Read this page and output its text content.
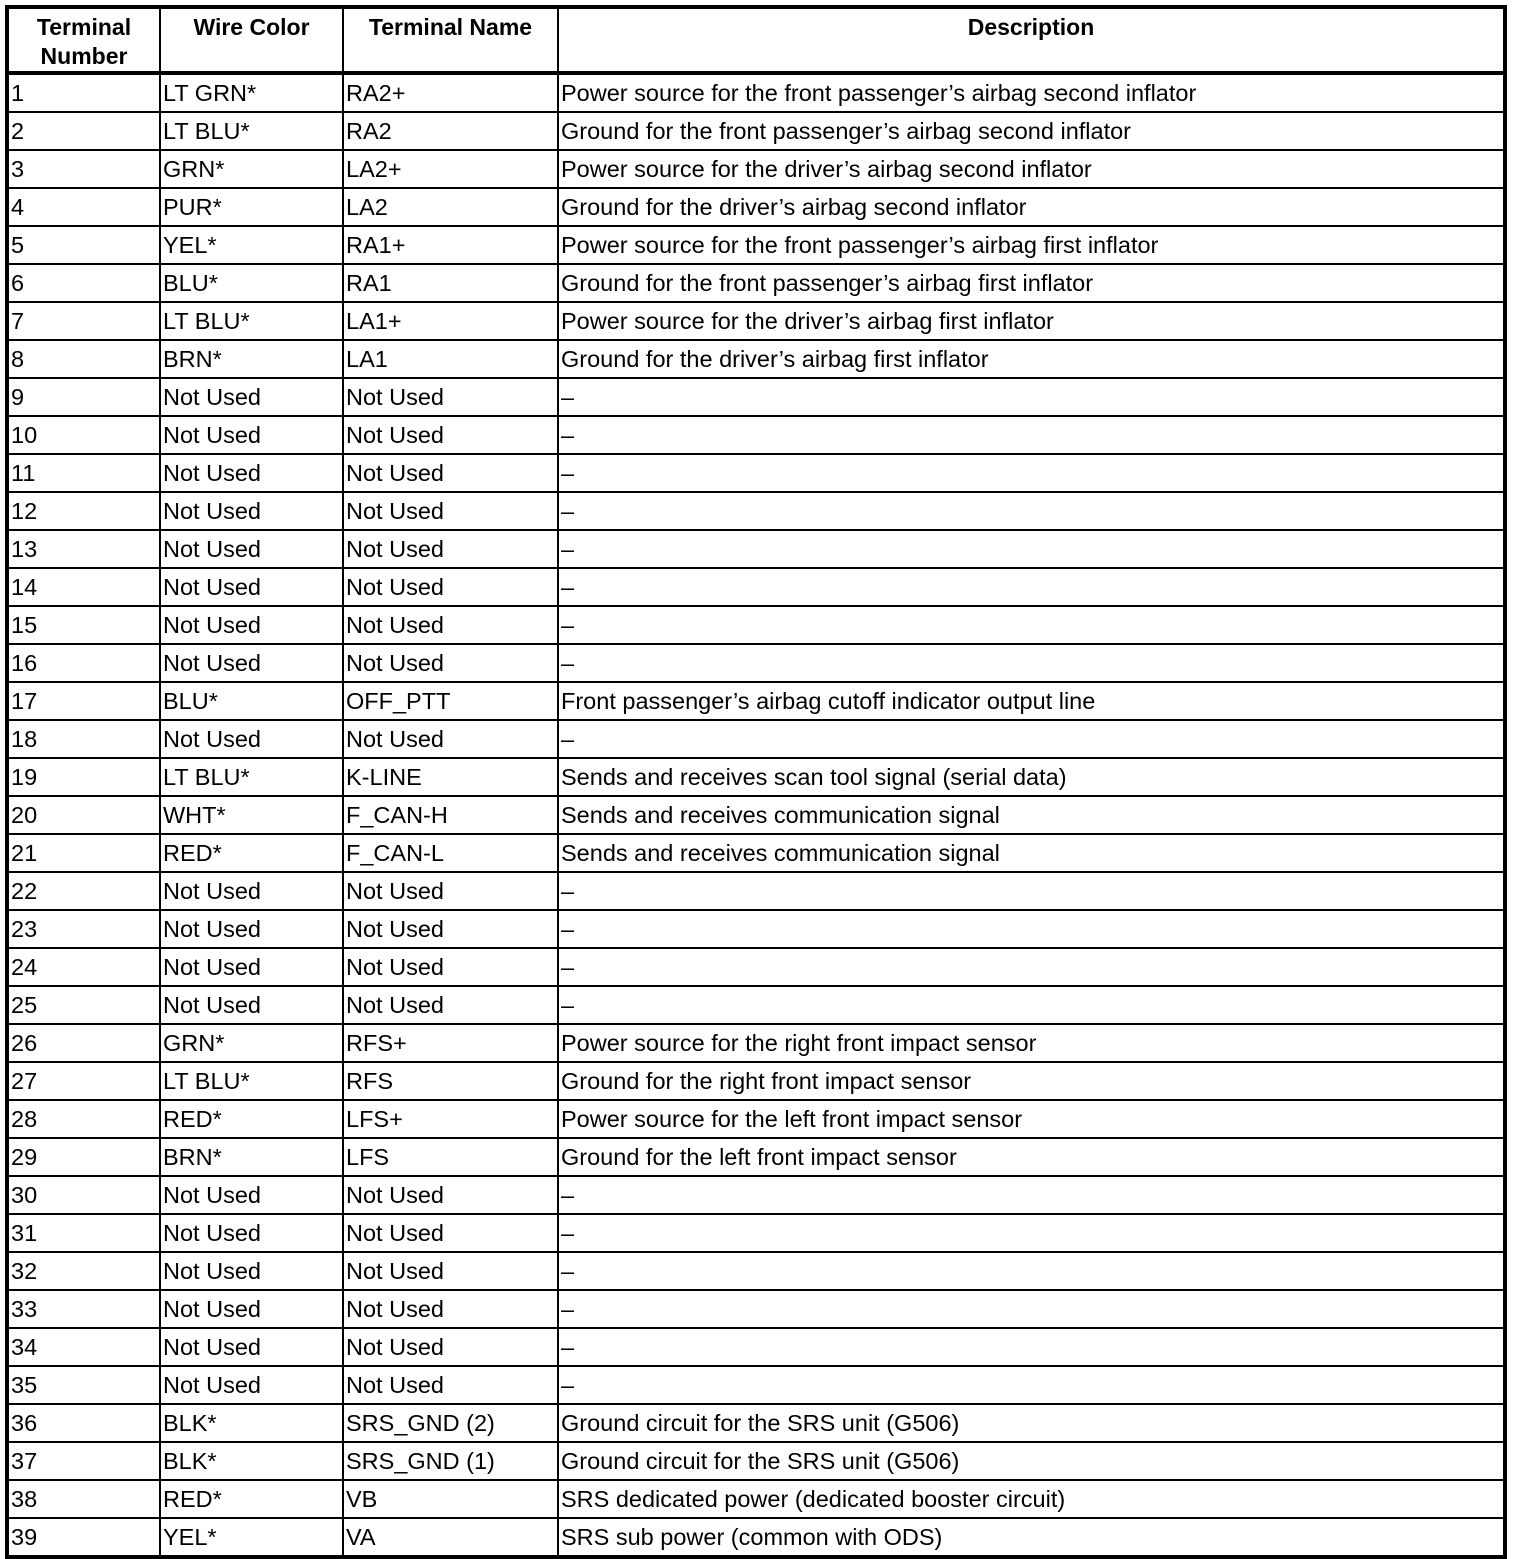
Terminal Number	Wire Color	Terminal Name	Description
1	LT GRN*	RA2+	Power source for the front passenger’s airbag second inflator
2	LT BLU*	RA2	Ground for the front passenger’s airbag second inflator
3	GRN*	LA2+	Power source for the driver’s airbag second inflator
4	PUR*	LA2	Ground for the driver’s airbag second inflator
5	YEL*	RA1+	Power source for the front passenger’s airbag first inflator
6	BLU*	RA1	Ground for the front passenger’s airbag first inflator
7	LT BLU*	LA1+	Power source for the driver’s airbag first inflator
8	BRN*	LA1	Ground for the driver’s airbag first inflator
9	Not Used	Not Used	–
10	Not Used	Not Used	–
11	Not Used	Not Used	–
12	Not Used	Not Used	–
13	Not Used	Not Used	–
14	Not Used	Not Used	–
15	Not Used	Not Used	–
16	Not Used	Not Used	–
17	BLU*	OFF_PTT	Front passenger’s airbag cutoff indicator output line
18	Not Used	Not Used	–
19	LT BLU*	K-LINE	Sends and receives scan tool signal (serial data)
20	WHT*	F_CAN-H	Sends and receives communication signal
21	RED*	F_CAN-L	Sends and receives communication signal
22	Not Used	Not Used	–
23	Not Used	Not Used	–
24	Not Used	Not Used	–
25	Not Used	Not Used	–
26	GRN*	RFS+	Power source for the right front impact sensor
27	LT BLU*	RFS	Ground for the right front impact sensor
28	RED*	LFS+	Power source for the left front impact sensor
29	BRN*	LFS	Ground for the left front impact sensor
30	Not Used	Not Used	–
31	Not Used	Not Used	–
32	Not Used	Not Used	–
33	Not Used	Not Used	–
34	Not Used	Not Used	–
35	Not Used	Not Used	–
36	BLK*	SRS_GND (2)	Ground circuit for the SRS unit (G506)
37	BLK*	SRS_GND (1)	Ground circuit for the SRS unit (G506)
38	RED*	VB	SRS dedicated power (dedicated booster circuit)
39	YEL*	VA	SRS sub power (common with ODS)
